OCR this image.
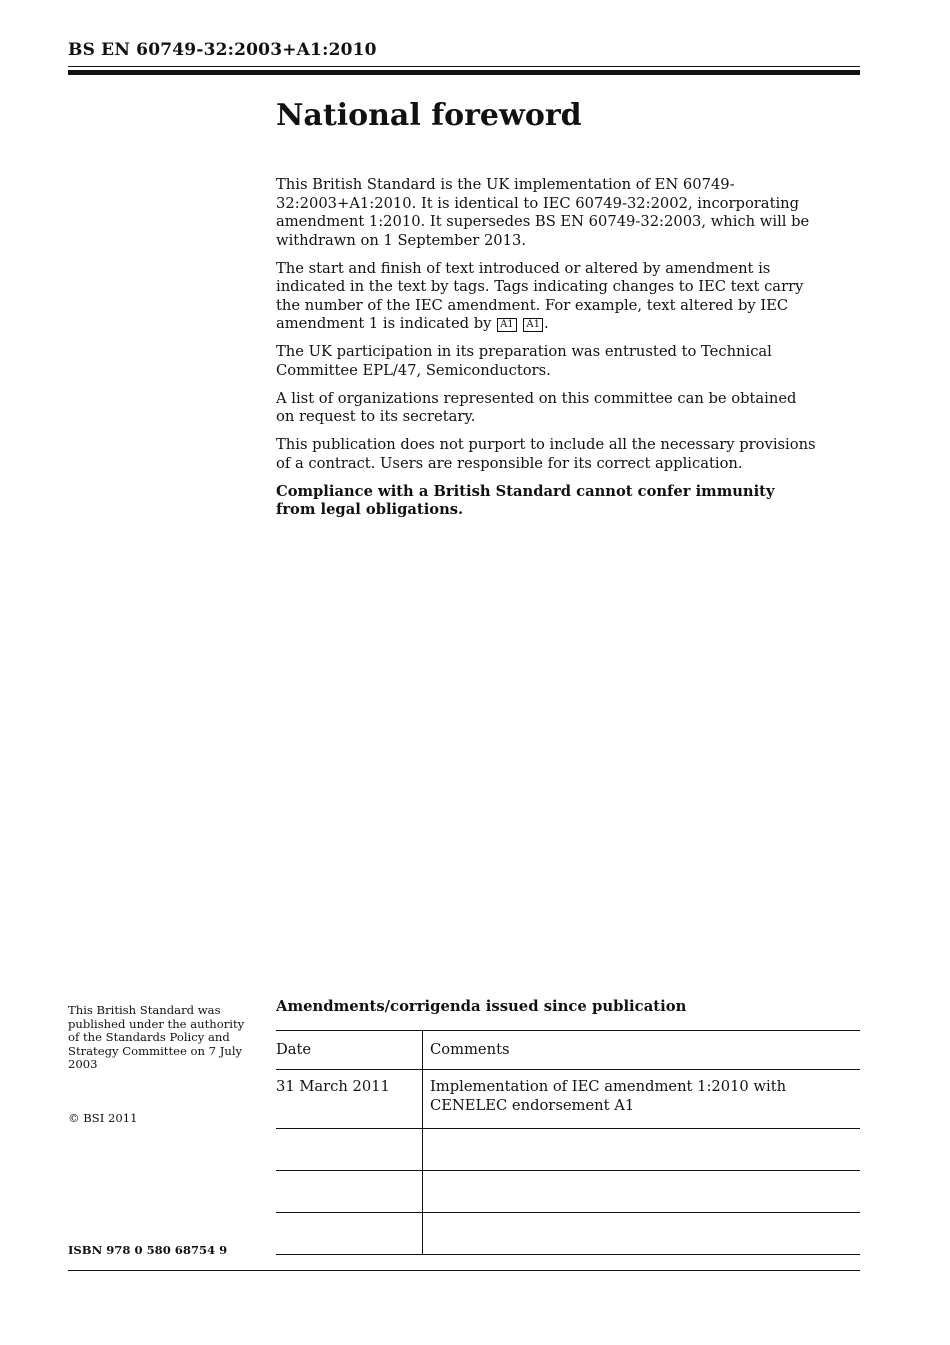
BS EN 60749-32:2003+A1:2010
National foreword

This British Standard is the UK implementation of EN 60749-32:2003+A1:2010. It is identical to IEC 60749-32:2002, incorporating amendment 1:2010. It supersedes BS EN 60749-32:2003, which will be withdrawn on 1 September 2013.

The start and finish of text introduced or altered by amendment is indicated in the text by tags. Tags indicating changes to IEC text carry the number of the IEC amendment. For example, text altered by IEC amendment 1 is indicated by A1 A1 .

The UK participation in its preparation was entrusted to Technical Committee EPL/47, Semiconductors.

A list of organizations represented on this committee can be obtained on request to its secretary.

This publication does not purport to include all the necessary provisions of a contract. Users are responsible for its correct application.

Compliance with a British Standard cannot confer immunity from legal obligations.

This British Standard was published under the authority of the Standards Policy and Strategy Committee on 7 July 2003
© BSI 2011
ISBN 978 0 580 68754 9
Amendments/corrigenda issued since publication
Date	Comments

31 March 2011	Implementation of IEC amendment 1:2010 with CENELEC endorsement A1
